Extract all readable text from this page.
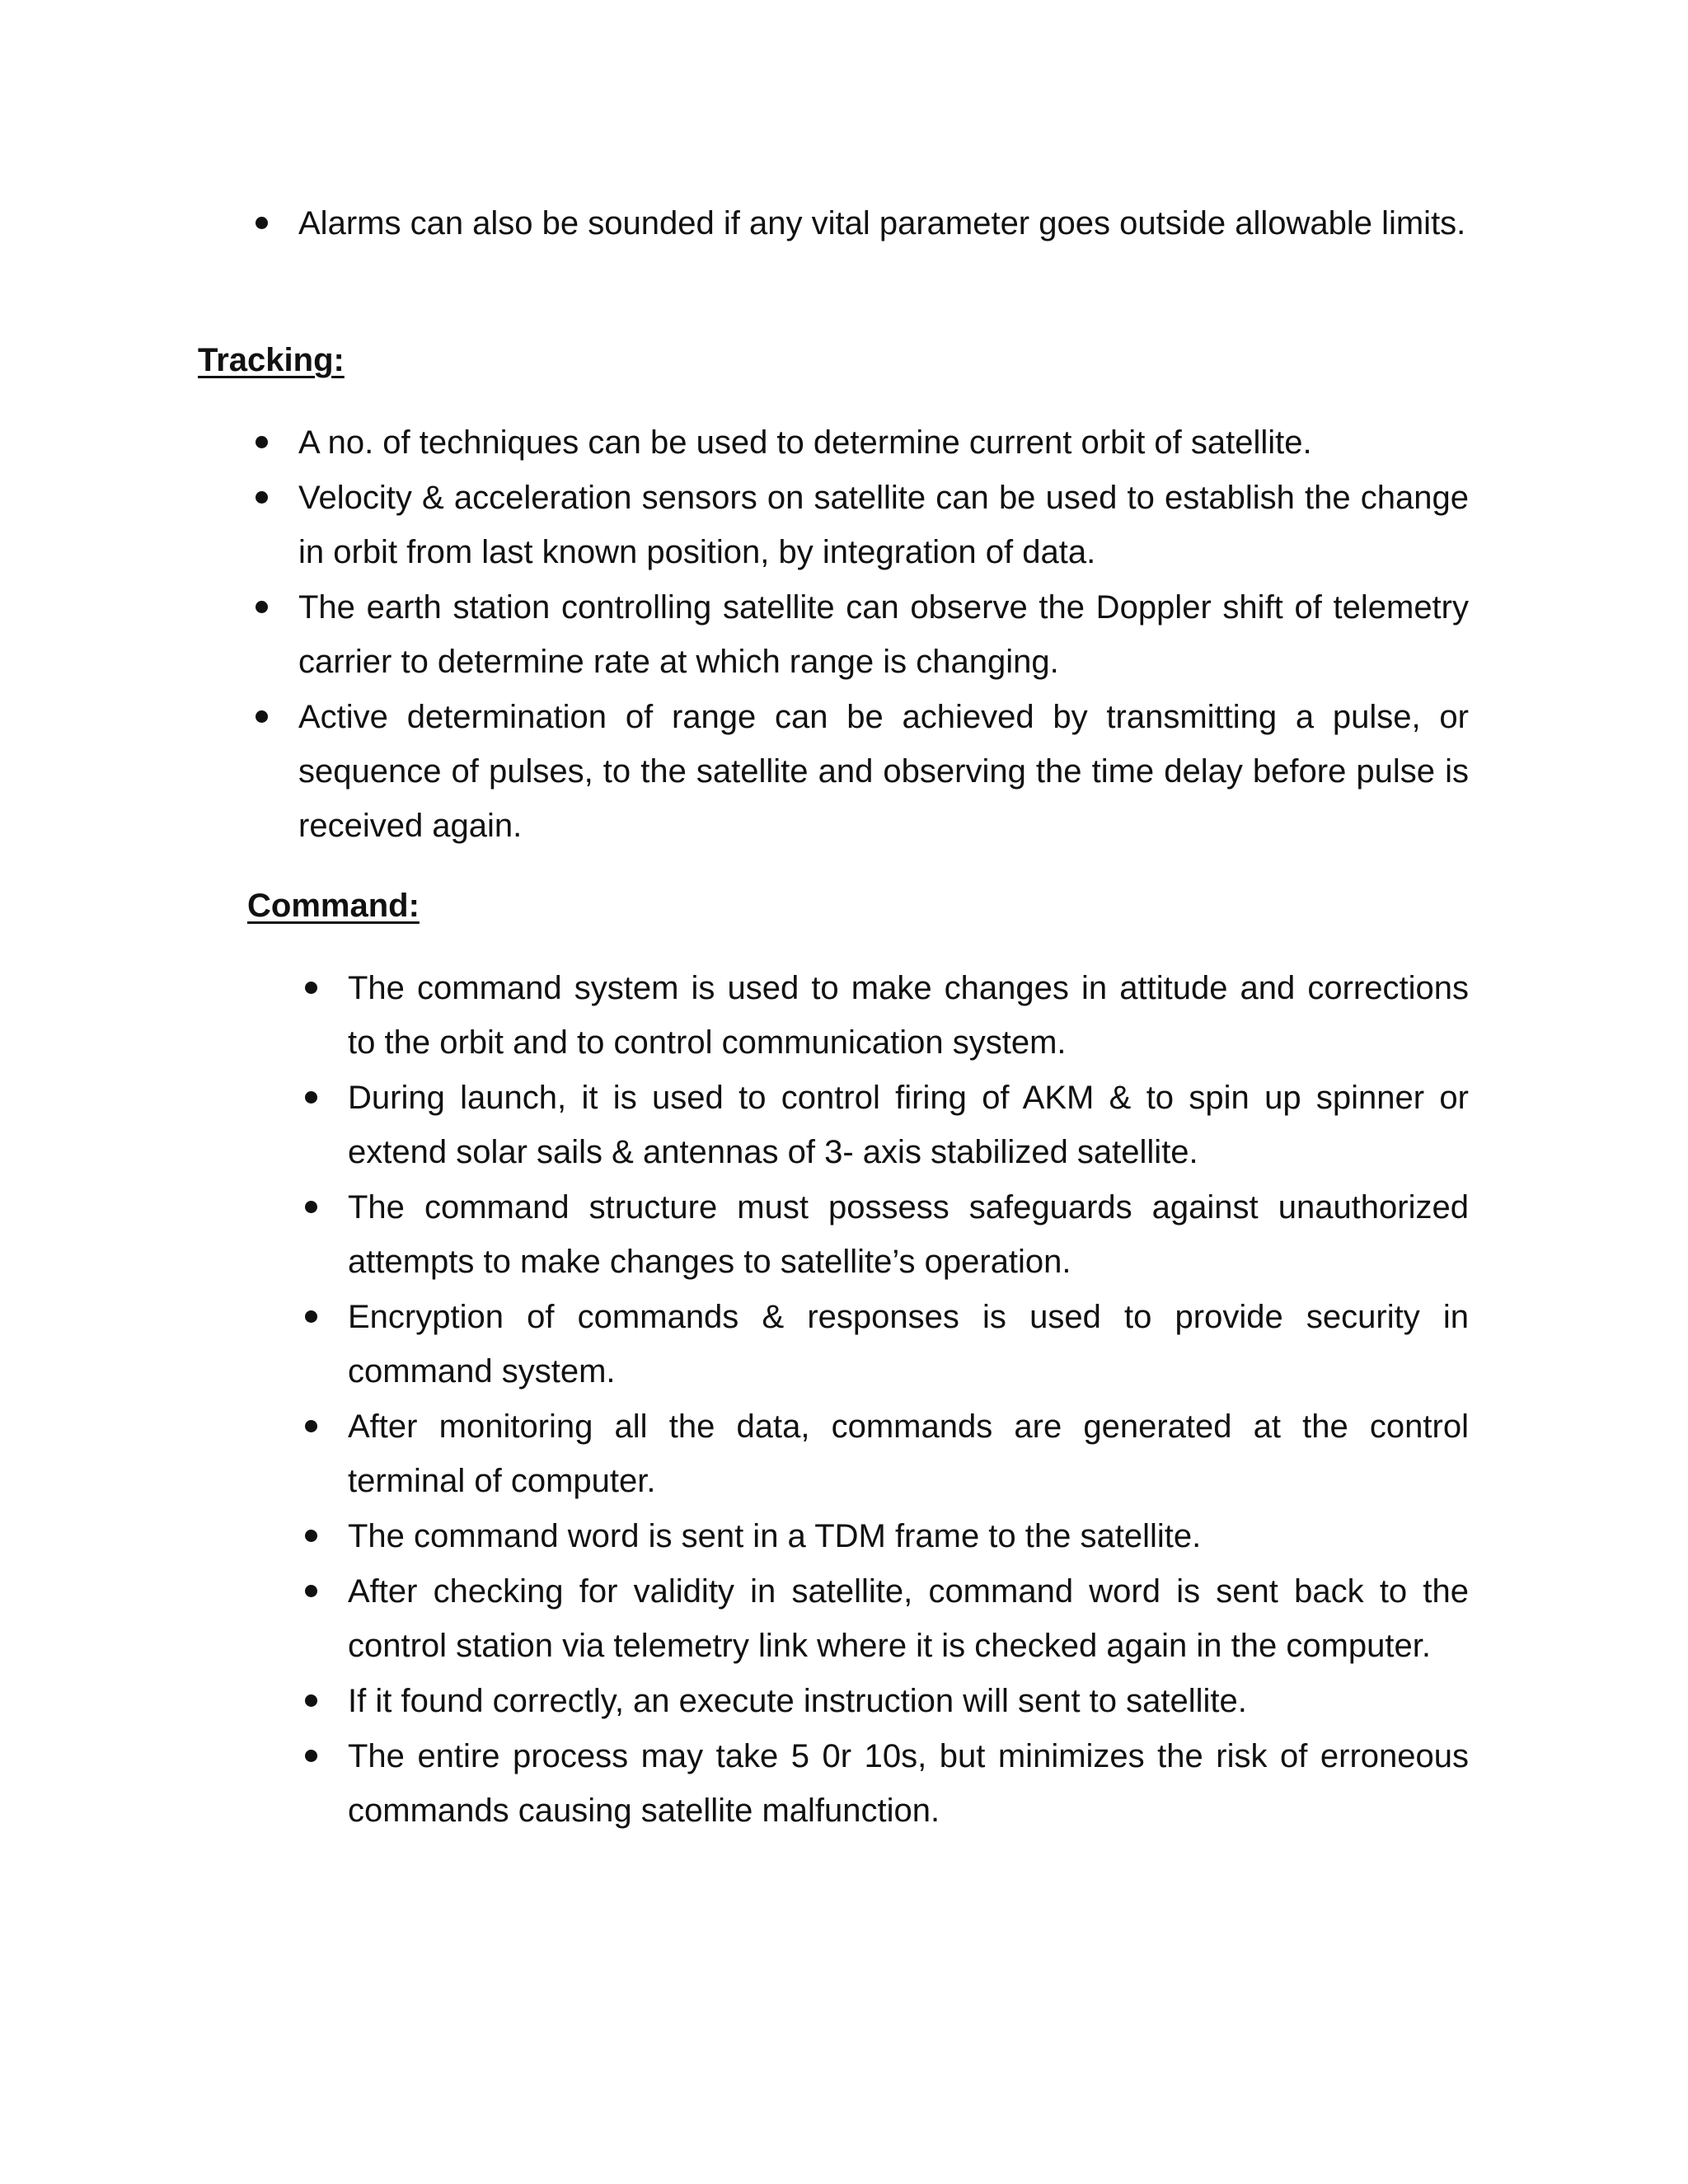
Alarms can also be sounded if any vital parameter goes outside allowable limits.
Tracking:
A no. of techniques can be used to determine current orbit of satellite.
Velocity & acceleration sensors on satellite can be used to establish the change in orbit from last known position, by integration of data.
The earth station controlling satellite can observe the Doppler shift of telemetry carrier to determine rate at which range is changing.
Active determination of range can be achieved by transmitting a pulse, or sequence of pulses, to the satellite and observing the time delay before pulse is received again.
Command:
The command system is used to make changes in attitude and corrections to the orbit and to control communication system.
During launch, it is used to control firing of AKM & to spin up spinner or extend solar sails & antennas of 3- axis stabilized satellite.
The command structure must possess safeguards against unauthorized attempts to make changes to satellite’s operation.
Encryption of commands & responses is used to provide security in command system.
After monitoring all the data, commands are generated at the control terminal of computer.
The command word is sent in a TDM frame to the satellite.
After checking for validity in satellite, command word is sent back to the control station via telemetry link where it is checked again in the computer.
If it found correctly, an execute instruction will sent to satellite.
The entire process may take 5 0r 10s, but minimizes the risk of erroneous commands causing satellite malfunction.
